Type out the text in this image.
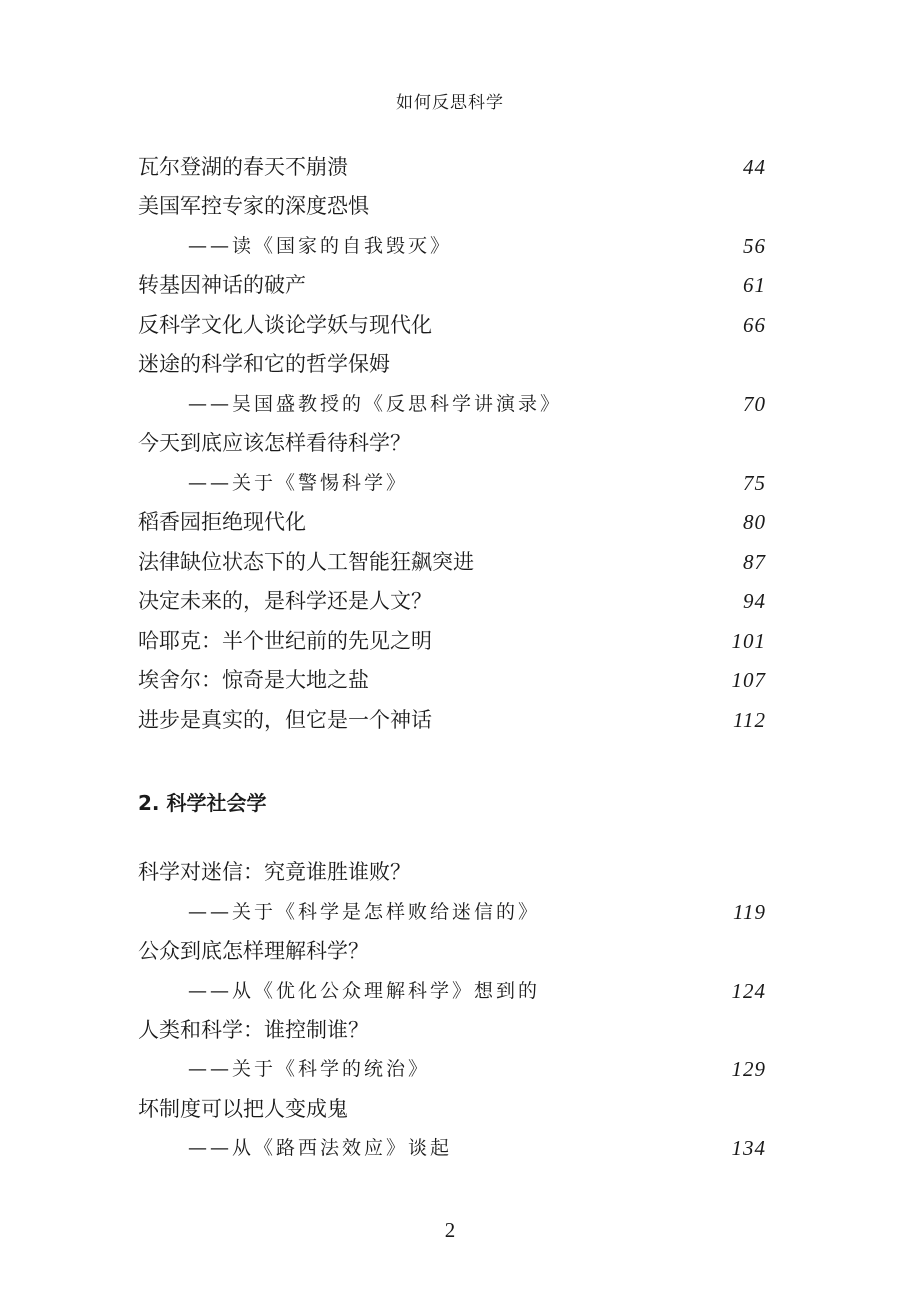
如何反思科学
瓦尔登湖的春天不崩溃	44
美国军控专家的深度恐惧
——读《国家的自我毁灭》	56
转基因神话的破产	61
反科学文化人谈论学妖与现代化	66
迷途的科学和它的哲学保姆
——吴国盛教授的《反思科学讲演录》	70
今天到底应该怎样看待科学？
——关于《警惕科学》	75
稻香园拒绝现代化	80
法律缺位状态下的人工智能狂飙突进	87
决定未来的，是科学还是人文？	94
哈耶克：半个世纪前的先见之明	101
埃舍尔：惊奇是大地之盐	107
进步是真实的，但它是一个神话	112
2. 科学社会学
科学对迷信：究竟谁胜谁败？
——关于《科学是怎样败给迷信的》	119
公众到底怎样理解科学？
——从《优化公众理解科学》想到的	124
人类和科学：谁控制谁？
——关于《科学的统治》	129
坏制度可以把人变成鬼
——从《路西法效应》谈起	134
2
